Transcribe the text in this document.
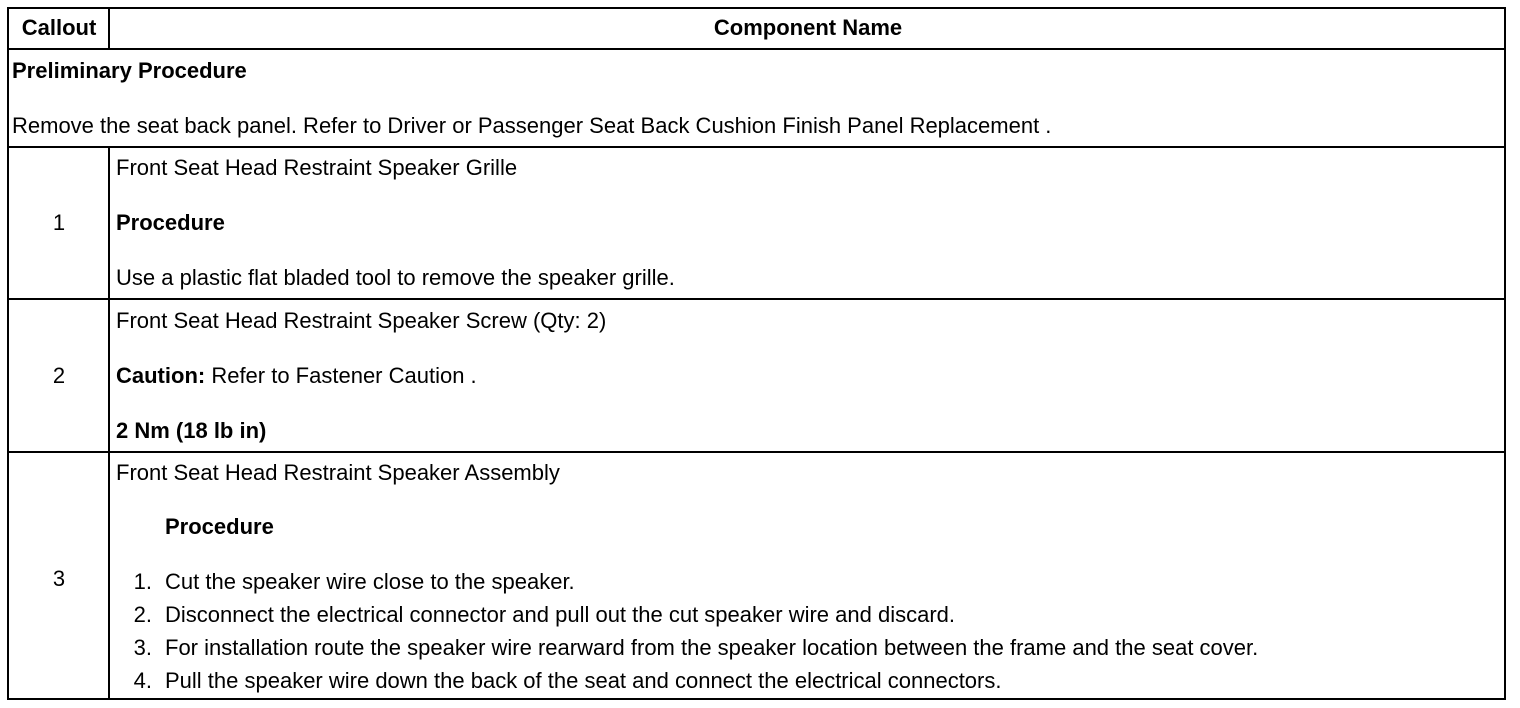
Callout	Component Name
Preliminary Procedure
Remove the seat back panel. Refer to Driver or Passenger Seat Back Cushion Finish Panel Replacement .
1
Front Seat Head Restraint Speaker Grille
Procedure
Use a plastic flat bladed tool to remove the speaker grille.
2
Front Seat Head Restraint Speaker Screw (Qty: 2)
Caution: Refer to Fastener Caution .
2 Nm (18 lb in)
3
Front Seat Head Restraint Speaker Assembly
Procedure
1. Cut the speaker wire close to the speaker.
2. Disconnect the electrical connector and pull out the cut speaker wire and discard.
3. For installation route the speaker wire rearward from the speaker location between the frame and the seat cover.
4. Pull the speaker wire down the back of the seat and connect the electrical connectors.
